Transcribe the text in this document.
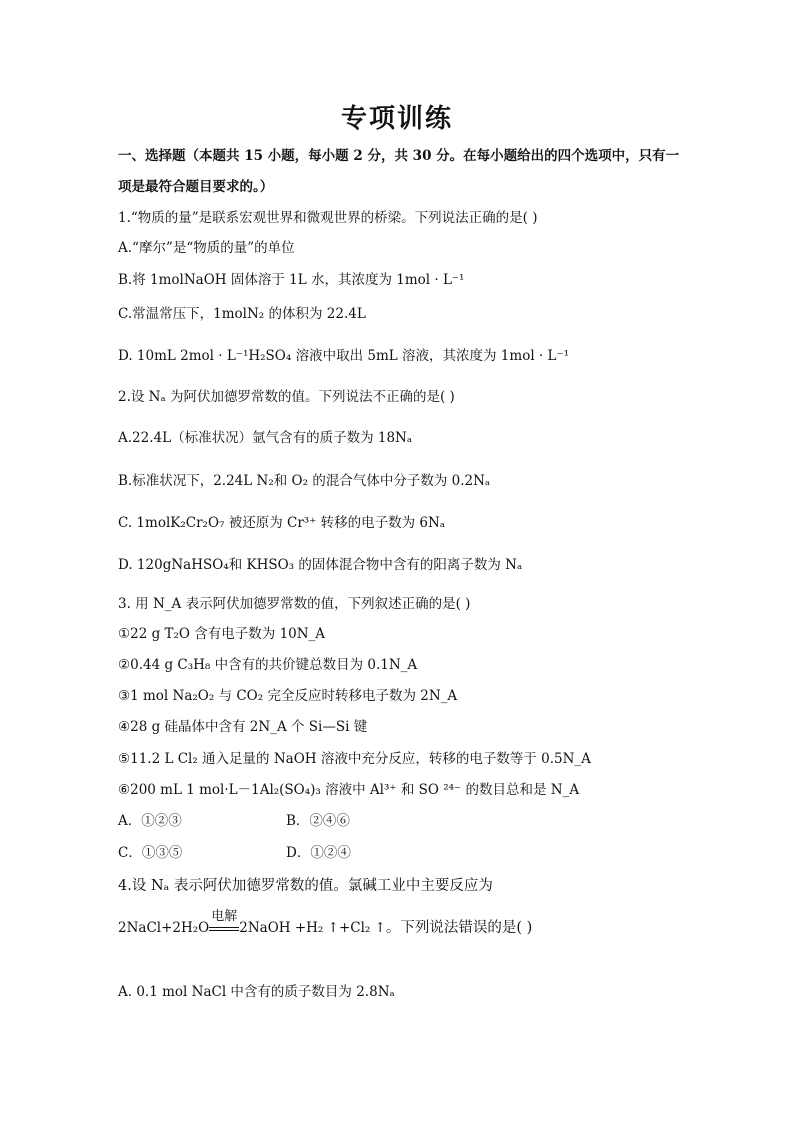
专项训练
一、选择题（本题共 15 小题，每小题 2 分，共 30 分。在每小题给出的四个选项中，只有一
项是最符合题目要求的。）
1.“物质的量”是联系宏观世界和微观世界的桥梁。下列说法正确的是( )
A.“摩尔”是“物质的量”的单位
B.将 1molNaOH 固体溶于 1L 水，其浓度为 1mol · L⁻¹
C.常温常压下，1molN₂ 的体积为 22.4L
D. 10mL 2mol · L⁻¹H₂SO₄ 溶液中取出 5mL 溶液，其浓度为 1mol · L⁻¹
2.设 Nₐ 为阿伏加德罗常数的值。下列说法不正确的是( )
A.22.4L（标准状况）氩气含有的质子数为 18Nₐ
B.标准状况下，2.24L N₂和 O₂ 的混合气体中分子数为 0.2Nₐ
C. 1molK₂Cr₂O₇ 被还原为 Cr³⁺ 转移的电子数为 6Nₐ
D. 120gNaHSO₄和 KHSO₃ 的固体混合物中含有的阳离子数为 Nₐ
3. 用 N_A 表示阿伏加德罗常数的值，下列叙述正确的是( )
①22 g T₂O 含有电子数为 10N_A
②0.44 g C₃H₈ 中含有的共价键总数目为 0.1N_A
③1 mol Na₂O₂ 与 CO₂ 完全反应时转移电子数为 2N_A
④28 g 硅晶体中含有 2N_A 个 Si—Si 键
⑤11.2 L Cl₂ 通入足量的 NaOH 溶液中充分反应，转移的电子数等于 0.5N_A
⑥200 mL 1 mol·L－1Al₂(SO₄)₃ 溶液中 Al³⁺ 和 SO ²⁴⁻ 的数目总和是 N_A
A．①②③	B．②④⑥
C．①③⑤	D．①②④
4.设 Nₐ 表示阿伏加德罗常数的值。氯碱工业中主要反应为
2NaCl+2H₂O
电解
2NaOH +H₂ ↑+Cl₂ ↑。下列说法错误的是( )
A. 0.1 mol NaCl 中含有的质子数目为 2.8Nₐ
